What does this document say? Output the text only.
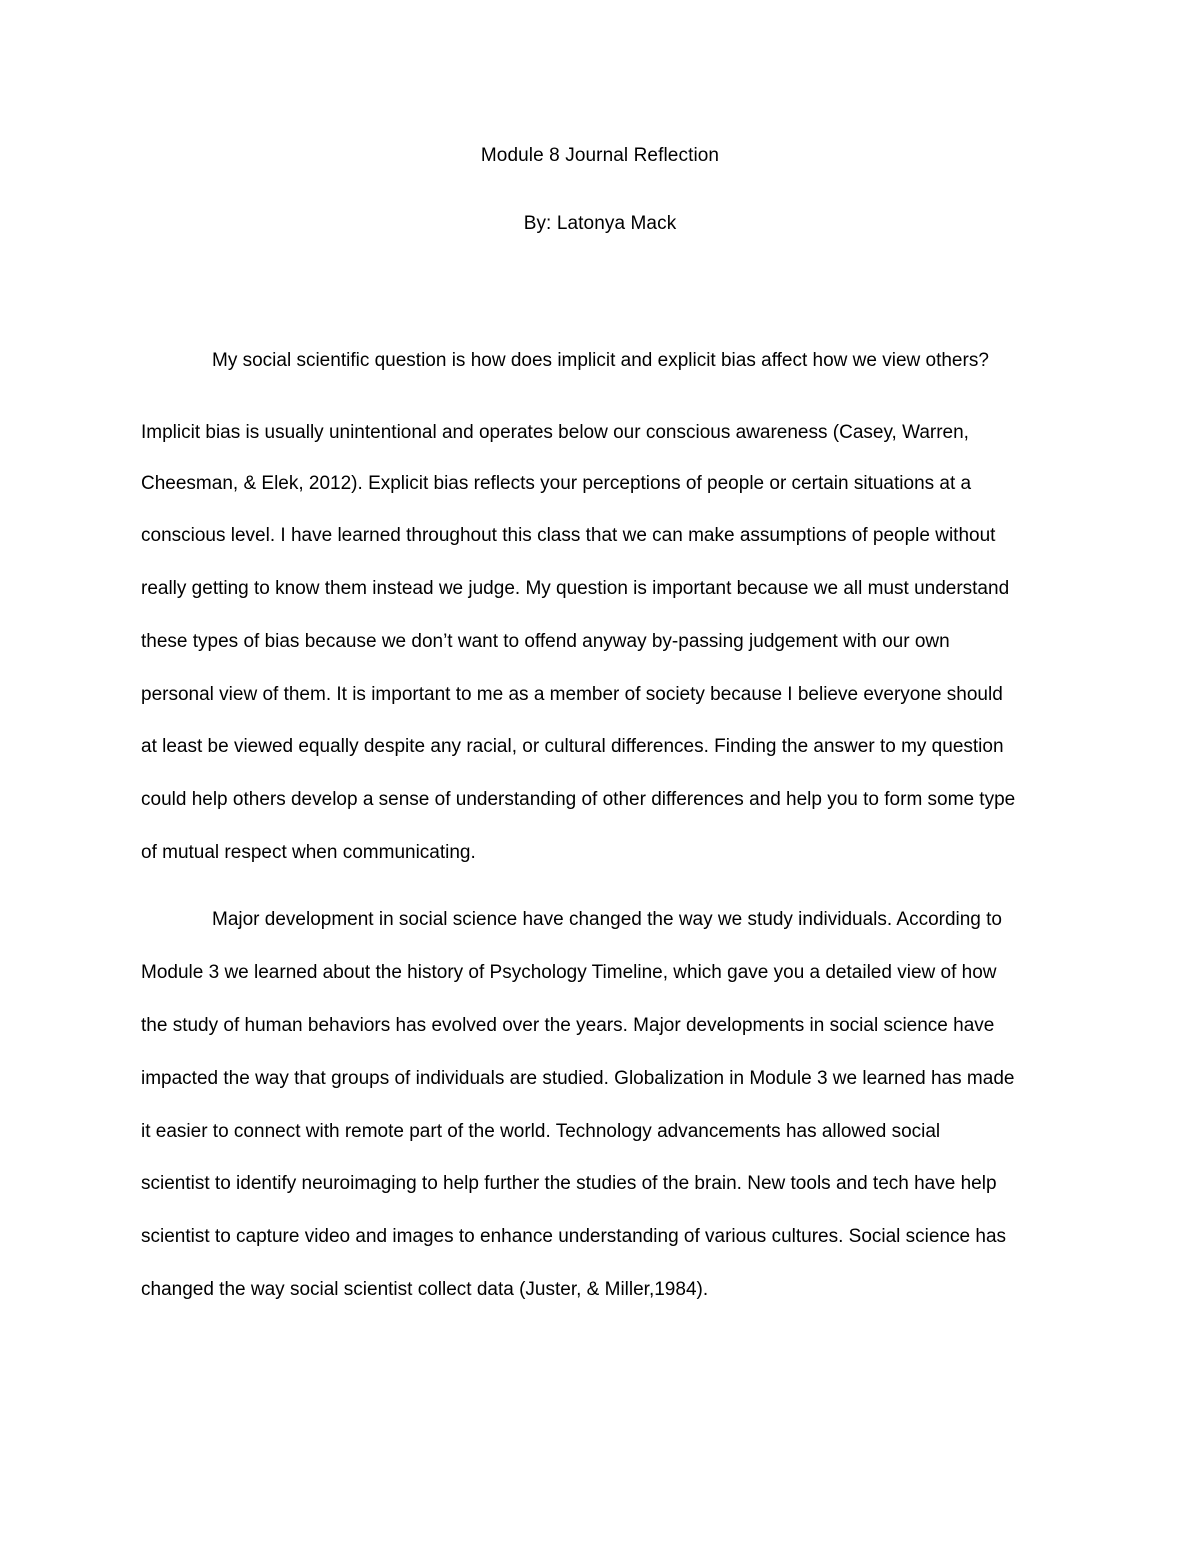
Module 8 Journal Reflection
By: Latonya Mack
My social scientific question is how does implicit and explicit bias affect how we view others?
Implicit bias is usually unintentional and operates below our conscious awareness (Casey, Warren,
Cheesman, & Elek, 2012). Explicit bias reflects your perceptions of people or certain situations at a
conscious level. I have learned throughout this class that we can make assumptions of people without
really getting to know them instead we judge. My question is important because we all must understand
these types of bias because we don’t want to offend anyway by-passing judgement with our own
personal view of them. It is important to me as a member of society because I believe everyone should
at least be viewed equally despite any racial, or cultural differences. Finding the answer to my question
could help others develop a sense of understanding of other differences and help you to form some type
of mutual respect when communicating.
Major development in social science have changed the way we study individuals. According to
Module 3 we learned about the history of Psychology Timeline, which gave you a detailed view of how
the study of human behaviors has evolved over the years. Major developments in social science have
impacted the way that groups of individuals are studied. Globalization in Module 3 we learned has made
it easier to connect with remote part of the world. Technology advancements has allowed social
scientist to identify neuroimaging to help further the studies of the brain. New tools and tech have help
scientist to capture video and images to enhance understanding of various cultures. Social science has
changed the way social scientist collect data (Juster, & Miller,1984).
